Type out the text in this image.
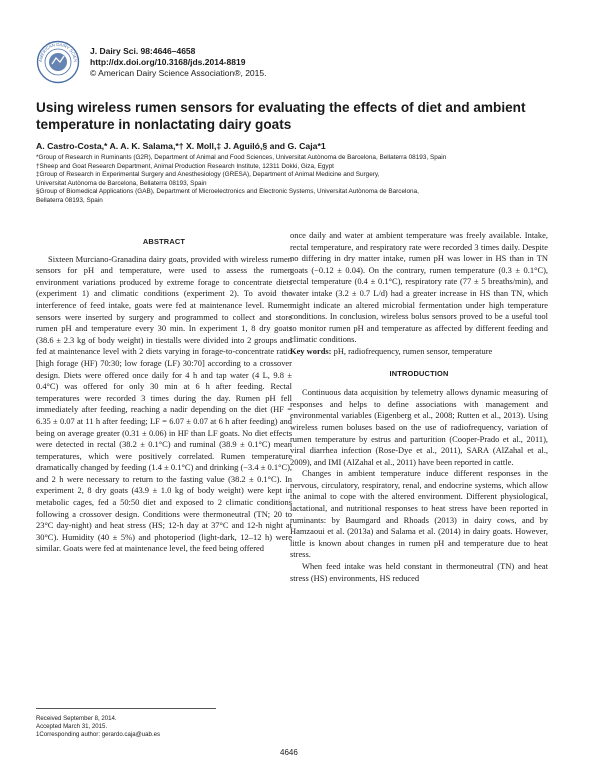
AMERICAN DAIRY SCIEN
J. Dairy Sci. 98:4646–4658
http://dx.doi.org/10.3168/jds.2014-8819
© American Dairy Science Association®, 2015.
Using wireless rumen sensors for evaluating the effects of diet and ambient temperature in nonlactating dairy goats
A. Castro-Costa,* A. A. K. Salama,*† X. Moll,‡ J. Aguiló,§ and G. Caja*1
*Group of Research in Ruminants (G2R), Department of Animal and Food Sciences, Universitat Autònoma de Barcelona, Bellaterra 08193, Spain
†Sheep and Goat Research Department, Animal Production Research Institute, 12311 Dokki, Giza, Egypt
‡Group of Research in Experimental Surgery and Anesthesiology (GRESA), Department of Animal Medicine and Surgery,
Universitat Autònoma de Barcelona, Bellaterra 08193, Spain
§Group of Biomedical Applications (GAB), Department of Microelectronics and Electronic Systems, Universitat Autònoma de Barcelona,
Bellaterra 08193, Spain
ABSTRACT

Sixteen Murciano-Granadina dairy goats, provided with wireless rumen sensors for pH and temperature, were used to assess the rumen environment variations produced by extreme forage to concentrate diets (experiment 1) and climatic conditions (experiment 2). To avoid the interference of feed intake, goats were fed at maintenance level. Rumen sensors were inserted by surgery and programmed to collect and store rumen pH and temperature every 30 min. In experiment 1, 8 dry goats (38.6 ± 2.3 kg of body weight) in tiestalls were divided into 2 groups and fed at maintenance level with 2 diets varying in forage-to-concentrate ratio [high forage (HF) 70:30; low forage (LF) 30:70] according to a crossover design. Diets were offered once daily for 4 h and tap water (4 L, 9.8 ± 0.4°C) was offered for only 30 min at 6 h after feeding. Rectal temperatures were recorded 3 times during the day. Rumen pH fell immediately after feeding, reaching a nadir depending on the diet (HF = 6.35 ± 0.07 at 11 h after feeding; LF = 6.07 ± 0.07 at 6 h after feeding) and being on average greater (0.31 ± 0.06) in HF than LF goats. No diet effects were detected in rectal (38.2 ± 0.1°C) and ruminal (38.9 ± 0.1°C) mean temperatures, which were positively correlated. Rumen temperature dramatically changed by feeding (1.4 ± 0.1°C) and drinking (−3.4 ± 0.1°C), and 2 h were necessary to return to the fasting value (38.2 ± 0.1°C). In experiment 2, 8 dry goats (43.9 ± 1.0 kg of body weight) were kept in metabolic cages, fed a 50:50 diet and exposed to 2 climatic conditions following a crossover design. Conditions were thermoneutral (TN; 20 to 23°C day-night) and heat stress (HS; 12-h day at 37°C and 12-h night at 30°C). Humidity (40 ± 5%) and photoperiod (light-dark, 12–12 h) were similar. Goats were fed at maintenance level, the feed being offered

once daily and water at ambient temperature was freely available. Intake, rectal temperature, and respiratory rate were recorded 3 times daily. Despite no differing in dry matter intake, rumen pH was lower in HS than in TN goats (−0.12 ± 0.04). On the contrary, rumen temperature (0.3 ± 0.1°C), rectal temperature (0.4 ± 0.1°C), respiratory rate (77 ± 5 breaths/min), and water intake (3.2 ± 0.7 L/d) had a greater increase in HS than TN, which might indicate an altered microbial fermentation under high temperature conditions. In conclusion, wireless bolus sensors proved to be a useful tool to monitor rumen pH and temperature as affected by different feeding and climatic conditions.

Key words: pH, radiofrequency, rumen sensor, temperature

INTRODUCTION

Continuous data acquisition by telemetry allows dynamic measuring of responses and helps to define associations with management and environmental variables (Eigenberg et al., 2008; Rutten et al., 2013). Using wireless rumen boluses based on the use of radiofrequency, variation of rumen temperature by estrus and parturition (Cooper-Prado et al., 2011), viral diarrhea infection (Rose-Dye et al., 2011), SARA (AlZahal et al., 2009), and IMI (AlZahal et al., 2011) have been reported in cattle.

Changes in ambient temperature induce different responses in the nervous, circulatory, respiratory, renal, and endocrine systems, which allow the animal to cope with the altered environment. Different physiological, lactational, and nutritional responses to heat stress have been reported in ruminants: by Baumgard and Rhoads (2013) in dairy cows, and by Hamzaoui et al. (2013a) and Salama et al. (2014) in dairy goats. However, little is known about changes in rumen pH and temperature due to heat stress.

When feed intake was held constant in thermoneutral (TN) and heat stress (HS) environments, HS reduced

Received September 8, 2014.
Accepted March 31, 2015.
1Corresponding author: gerardo.caja@uab.es
4646
